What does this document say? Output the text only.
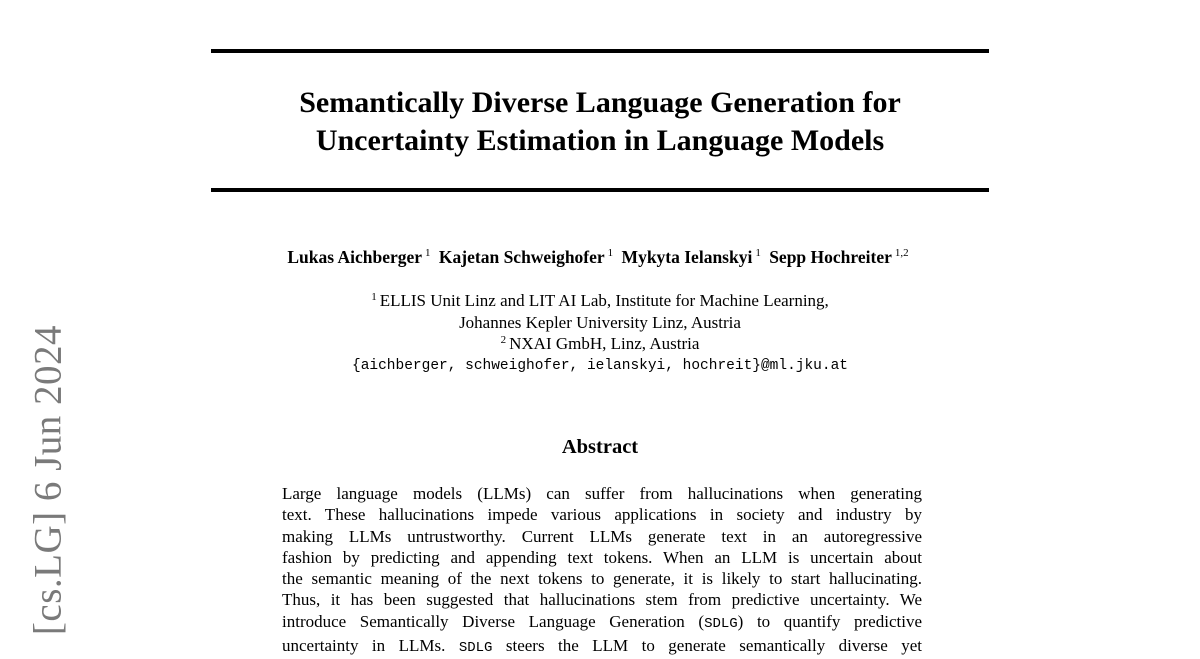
[cs.LG] 6 Jun 2024
Semantically Diverse Language Generation for
Uncertainty Estimation in Language Models
Lukas Aichberger $^1$ Kajetan Schweighofer $^1$ Mykyta Ielanskyi $^1$ Sepp Hochreiter $^{1,2}$
$^1$ ELLIS Unit Linz and LIT AI Lab, Institute for Machine Learning,
Johannes Kepler University Linz, Austria
$^2$ NXAI GmbH, Linz, Austria
{aichberger, schweighofer, ielanskyi, hochreit}@ml.jku.at
Abstract
Large language models (LLMs) can suffer from hallucinations when generating
text. These hallucinations impede various applications in society and industry by
making LLMs untrustworthy. Current LLMs generate text in an autoregressive
fashion by predicting and appending text tokens. When an LLM is uncertain about
the semantic meaning of the next tokens to generate, it is likely to start hallucinating.
Thus, it has been suggested that hallucinations stem from predictive uncertainty. We
introduce Semantically Diverse Language Generation (SDLG) to quantify predictive
uncertainty in LLMs. SDLG steers the LLM to generate semantically diverse yet
